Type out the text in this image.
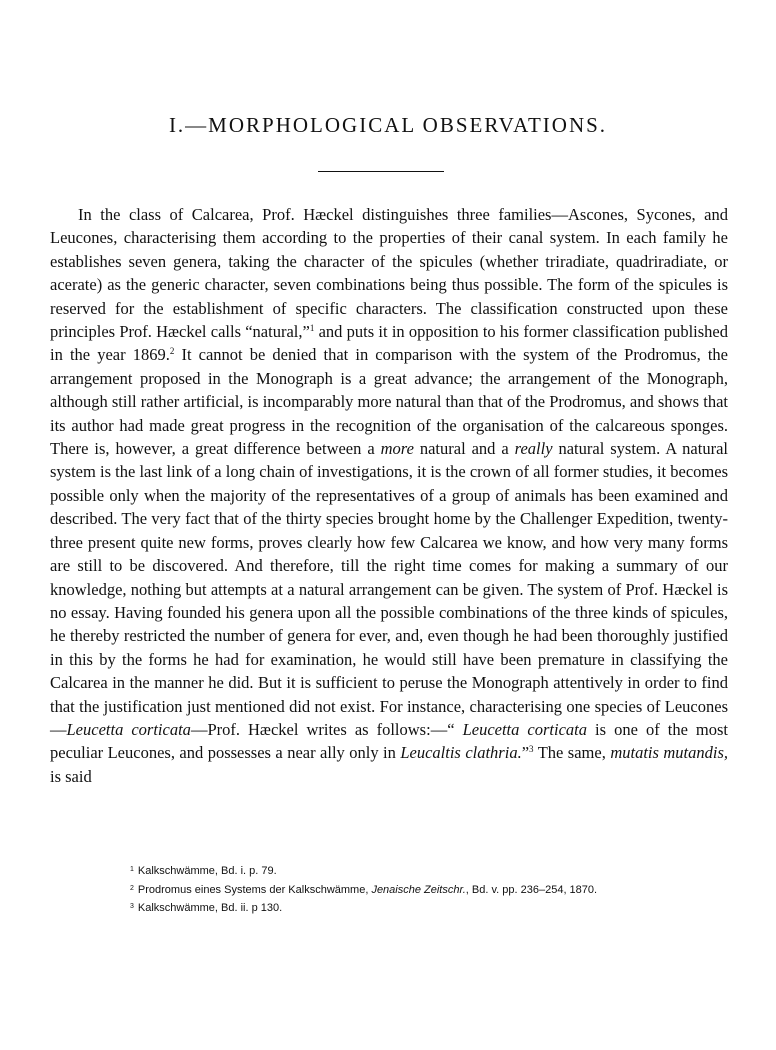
I.—MORPHOLOGICAL OBSERVATIONS.

In the class of Calcarea, Prof. Hæckel distinguishes three families—Ascones, Sycones, and Leucones, characterising them according to the properties of their canal system. In each family he establishes seven genera, taking the character of the spicules (whether triradiate, quadriradiate, or acerate) as the generic character, seven combinations being thus possible. The form of the spicules is reserved for the establishment of specific characters. The classification constructed upon these principles Prof. Hæckel calls “natural,”$^1$ and puts it in opposition to his former classification published in the year 1869.$^2$ It cannot be denied that in comparison with the system of the Prodromus, the arrangement proposed in the Monograph is a great advance; the arrangement of the Monograph, although still rather artificial, is incomparably more natural than that of the Prodromus, and shows that its author had made great progress in the recognition of the organisation of the calcareous sponges. There is, however, a great difference between a more natural and a really natural system. A natural system is the last link of a long chain of investigations, it is the crown of all former studies, it becomes possible only when the majority of the representatives of a group of animals has been examined and described. The very fact that of the thirty species brought home by the Challenger Expedition, twenty-three present quite new forms, proves clearly how few Calcarea we know, and how very many forms are still to be discovered. And therefore, till the right time comes for making a summary of our knowledge, nothing but attempts at a natural arrangement can be given. The system of Prof. Hæckel is no essay. Having founded his genera upon all the possible combinations of the three kinds of spicules, he thereby restricted the number of genera for ever, and, even though he had been thoroughly justified in this by the forms he had for examination, he would still have been premature in classifying the Calcarea in the manner he did. But it is sufficient to peruse the Monograph attentively in order to find that the justification just mentioned did not exist. For instance, characterising one species of Leucones—Leucetta corticata—Prof. Hæckel writes as follows:—“ Leucetta corticata is one of the most peculiar Leucones, and possesses a near ally only in Leucaltis clathria.”$^3$ The same, mutatis mutandis, is said

$^1$ Kalkschwämme, Bd. i. p. 79.
$^2$ Prodromus eines Systems der Kalkschwämme, Jenaische Zeitschr., Bd. v. pp. 236–254, 1870.
$^3$ Kalkschwämme, Bd. ii. p 130.
